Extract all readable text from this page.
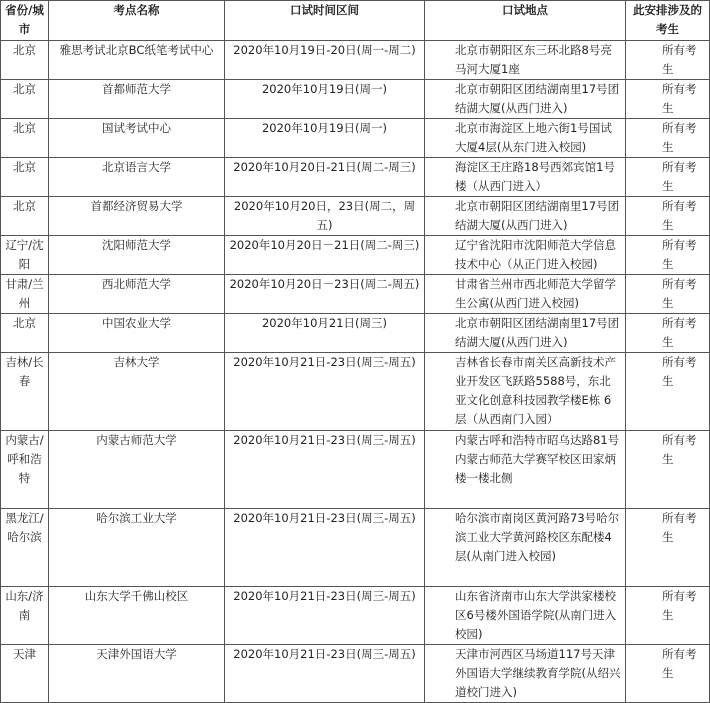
省份/城市	考点名称	口试时间区间	口试地点	此安排涉及的考生
北京	雅思考试北京BC纸笔考试中心	2020年10月19日-20日(周一-周二)	北京市朝阳区东三环北路8号亮马河大厦1座	所有考生
北京	首都师范大学	2020年10月19日(周一)	北京市朝阳区团结湖南里17号团结湖大厦(从西门进入)	所有考生
北京	国试考试中心	2020年10月19日(周一)	北京市海淀区上地六街1号国试大厦4层(从东门进入校园)	所有考生
北京	北京语言大学	2020年10月20日-21日(周二-周三)	海淀区王庄路18号西郊宾馆1号楼（从西门进入）	所有考生
北京	首都经济贸易大学	2020年10月20日，23日(周二，周五)	北京市朝阳区团结湖南里17号团结湖大厦(从西门进入)	所有考生
辽宁/沈阳	沈阳师范大学	2020年10月20日－21日(周二-周三)	辽宁省沈阳市沈阳师范大学信息技术中心（从正门进入校园)	所有考生
甘肃/兰州	西北师范大学	2020年10月20日－23日(周二-周五)	甘肃省兰州市西北师范大学留学生公寓(从西门进入校园)	所有考生
北京	中国农业大学	2020年10月21日(周三)	北京市朝阳区团结湖南里17号团结湖大厦(从西门进入)	所有考生
吉林/长春	吉林大学	2020年10月21日-23日(周三-周五)	吉林省长春市南关区高新技术产业开发区飞跃路5588号，东北亚文化创意科技园教学楼E栋 6层（从西南门入园）	所有考生
内蒙古/呼和浩特	内蒙古师范大学	2020年10月21日-23日(周三-周五)	内蒙古呼和浩特市昭乌达路81号内蒙古师范大学赛罕校区田家炳楼一楼北侧	所有考生
黑龙江/哈尔滨	哈尔滨工业大学	2020年10月21日-23日(周三-周五)	哈尔滨市南岗区黄河路73号哈尔滨工业大学黄河路校区东配楼4层(从南门进入校园)	所有考生
山东/济南	山东大学千佛山校区	2020年10月21日-23日(周三-周五)	山东省济南市山东大学洪家楼校区6号楼外国语学院(从南门进入校园)	所有考生
天津	天津外国语大学	2020年10月21日-23日(周三-周五)	天津市河西区马场道117号天津外国语大学继续教育学院(从绍兴道校门进入)	所有考生
